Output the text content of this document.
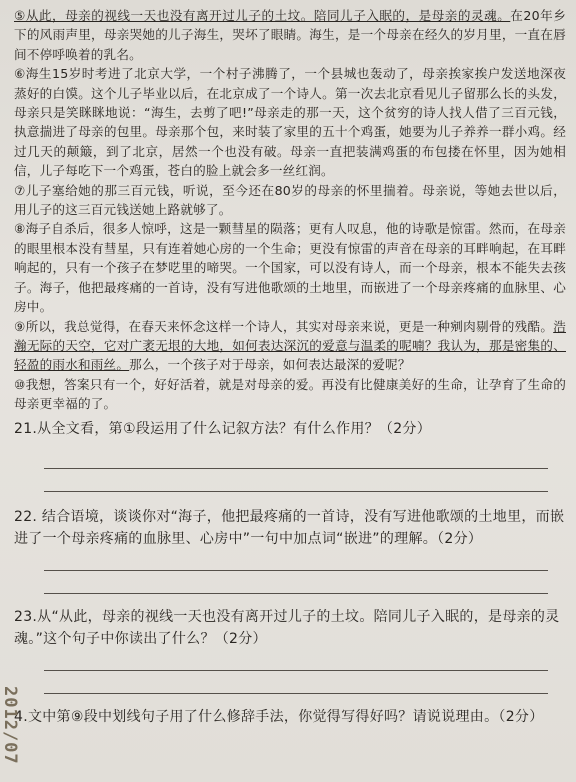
⑤从此，母亲的视线一天也没有离开过儿子的土坟。陪同儿子入眠的，是母亲的灵魂。在20年乡下的风雨声里，母亲哭她的儿子海生，哭坏了眼睛。海生，是一个母亲在经久的岁月里，一直在唇间不停呼唤着的乳名。

⑥海生15岁时考进了北京大学，一个村子沸腾了，一个县城也轰动了，母亲挨家挨户发送地深夜蒸好的白馍。这个儿子毕业以后，在北京成了一个诗人。第一次去北京看见儿子留那么长的头发，母亲只是笑眯眯地说：“海生，去剪了吧!”母亲走的那一天，这个贫穷的诗人找人借了三百元钱，执意揣进了母亲的包里。母亲那个包，来时装了家里的五十个鸡蛋，她要为儿子养养一群小鸡。经过几天的颠簸，到了北京，居然一个也没有破。母亲一直把装满鸡蛋的布包搂在怀里，因为她相信，儿子每吃下一个鸡蛋，苍白的脸上就会多一丝红润。

⑦儿子塞给她的那三百元钱，听说，至今还在80岁的母亲的怀里揣着。母亲说，等她去世以后，用儿子的这三百元钱送她上路就够了。

⑧海子自杀后，很多人惊呼，这是一颗彗星的陨落；更有人叹息，他的诗歌是惊雷。然而，在母亲的眼里根本没有彗星，只有连着她心房的一个生命；更没有惊雷的声音在母亲的耳畔响起，在耳畔响起的，只有一个孩子在梦呓里的啼哭。一个国家，可以没有诗人，而一个母亲，根本不能失去孩子。海子，他把最疼痛的一首诗，没有写进他歌颂的土地里，而嵌进了一个母亲疼痛的血脉里、心房中。

⑨所以，我总觉得，在春天来怀念这样一个诗人，其实对母亲来说，更是一种剜肉剔骨的残酷。浩瀚无际的天空，它对广袤无垠的大地，如何表达深沉的爱意与温柔的呢喃？我认为，那是密集的、轻盈的雨水和雨丝。那么，一个孩子对于母亲，如何表达最深的爱呢？

⑩我想，答案只有一个，好好活着，就是对母亲的爱。再没有比健康美好的生命，让孕育了生命的母亲更幸福的了。

21.从全文看，第①段运用了什么记叙方法？有什么作用？（2分）

22. 结合语境，谈谈你对“海子，他把最疼痛的一首诗，没有写进他歌颂的土地里，而嵌进了一个母亲疼痛的血脉里、心房中”一句中加点词“嵌进”的理解。（2分）

23.从“从此，母亲的视线一天也没有离开过儿子的土坟。陪同儿子入眠的，是母亲的灵魂。”这个句子中你读出了什么？（2分）

4.文中第⑨段中划线句子用了什么修辞手法，你觉得写得好吗？请说说理由。（2分）

2012/07
